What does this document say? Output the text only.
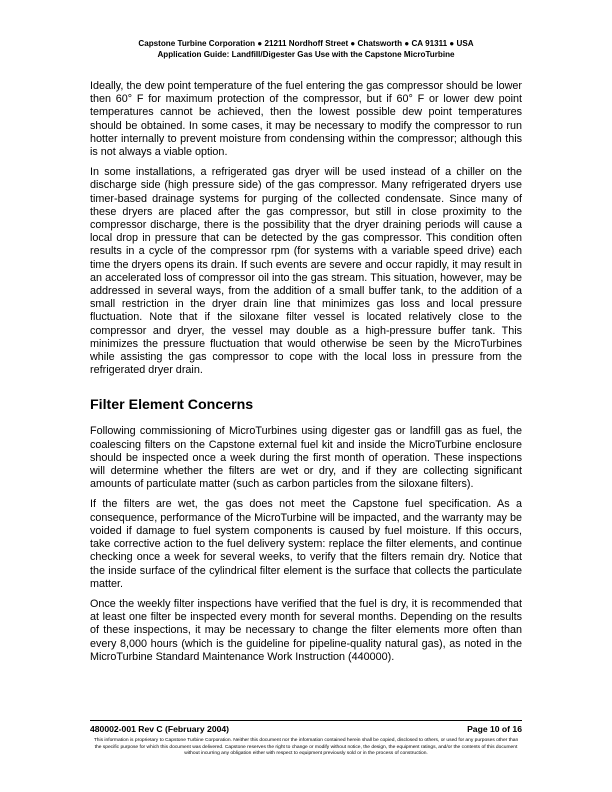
Capstone Turbine Corporation ● 21211 Nordhoff Street ● Chatsworth ● CA 91311 ● USA
Application Guide: Landfill/Digester Gas Use with the Capstone MicroTurbine

Ideally, the dew point temperature of the fuel entering the gas compressor should be lower then 60° F for maximum protection of the compressor, but if 60° F or lower dew point temperatures cannot be achieved, then the lowest possible dew point temperatures should be obtained. In some cases, it may be necessary to modify the compressor to run hotter internally to prevent moisture from condensing within the compressor; although this is not always a viable option.

In some installations, a refrigerated gas dryer will be used instead of a chiller on the discharge side (high pressure side) of the gas compressor. Many refrigerated dryers use timer-based drainage systems for purging of the collected condensate. Since many of these dryers are placed after the gas compressor, but still in close proximity to the compressor discharge, there is the possibility that the dryer draining periods will cause a local drop in pressure that can be detected by the gas compressor. This condition often results in a cycle of the compressor rpm (for systems with a variable speed drive) each time the dryers opens its drain. If such events are severe and occur rapidly, it may result in an accelerated loss of compressor oil into the gas stream. This situation, however, may be addressed in several ways, from the addition of a small buffer tank, to the addition of a small restriction in the dryer drain line that minimizes gas loss and local pressure fluctuation. Note that if the siloxane filter vessel is located relatively close to the compressor and dryer, the vessel may double as a high-pressure buffer tank. This minimizes the pressure fluctuation that would otherwise be seen by the MicroTurbines while assisting the gas compressor to cope with the local loss in pressure from the refrigerated dryer drain.

Filter Element Concerns

Following commissioning of MicroTurbines using digester gas or landfill gas as fuel, the coalescing filters on the Capstone external fuel kit and inside the MicroTurbine enclosure should be inspected once a week during the first month of operation. These inspections will determine whether the filters are wet or dry, and if they are collecting significant amounts of particulate matter (such as carbon particles from the siloxane filters).

If the filters are wet, the gas does not meet the Capstone fuel specification. As a consequence, performance of the MicroTurbine will be impacted, and the warranty may be voided if damage to fuel system components is caused by fuel moisture. If this occurs, take corrective action to the fuel delivery system: replace the filter elements, and continue checking once a week for several weeks, to verify that the filters remain dry. Notice that the inside surface of the cylindrical filter element is the surface that collects the particulate matter.

Once the weekly filter inspections have verified that the fuel is dry, it is recommended that at least one filter be inspected every month for several months. Depending on the results of these inspections, it may be necessary to change the filter elements more often than every 8,000 hours (which is the guideline for pipeline-quality natural gas), as noted in the MicroTurbine Standard Maintenance Work Instruction (440000).

480002-001 Rev C (February 2004)	Page 10 of 16
This information is proprietary to Capstone Turbine Corporation. Neither this document nor the information contained herein shall be copied, disclosed to others, or used for any purposes other than the specific purpose for which this document was delivered. Capstone reserves the right to change or modify without notice, the design, the equipment ratings, and/or the contents of this document without incurring any obligation either with respect to equipment previously sold or in the process of construction.
